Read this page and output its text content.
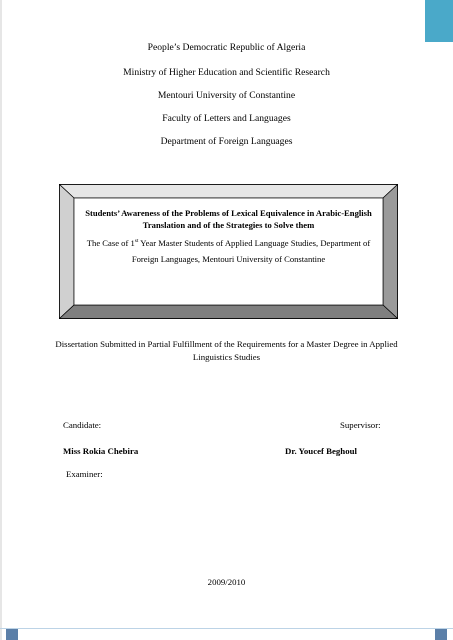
People’s Democratic Republic of Algeria
Ministry of Higher Education and Scientific Research
Mentouri University of Constantine
Faculty of Letters and Languages
Department of Foreign Languages
Students’ Awareness of the Problems of Lexical Equivalence in Arabic-English Translation and of the Strategies to Solve them
The Case of 1st Year Master Students of Applied Language Studies, Department of Foreign Languages, Mentouri University of Constantine
Dissertation Submitted in Partial Fulfillment of the Requirements for a Master Degree in Applied Linguistics Studies
Candidate:	Supervisor:
Miss Rokia Chebira	Dr. Youcef Beghoul
Examiner:
2009/2010
